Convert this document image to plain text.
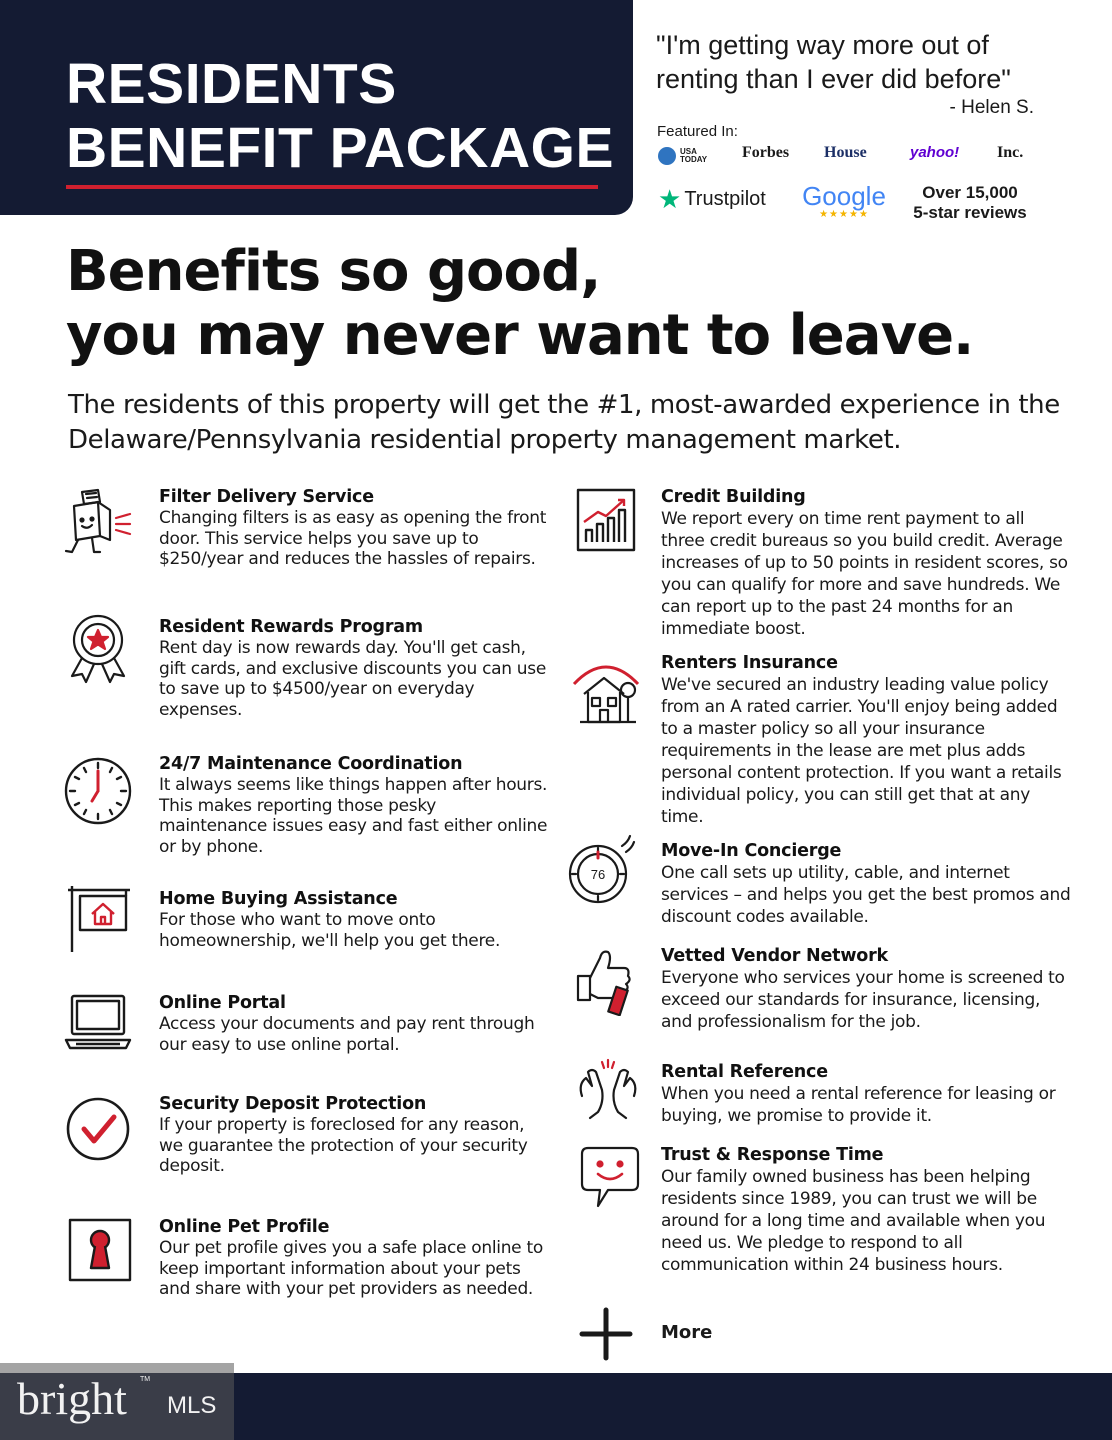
RESIDENTS
BENEFIT PACKAGE
"I'm getting way more out of renting than I ever did before"
- Helen S.
Featured In:
USA TODAY Forbes House	yahoo! Inc.
★ Trustpilot Google
★★★★★
Over 15,000
5-star reviews
Benefits so good,
you may never want to leave.
The residents of this property will get the #1, most-awarded experience in the Delaware/Pennsylvania residential property management market.
Filter Delivery Service
Changing filters is as easy as opening the front door. This service helps you save up to $250/year and reduces the hassles of repairs.
Resident Rewards Program
Rent day is now rewards day. You'll get cash, gift cards, and exclusive discounts you can use to save up to $4500/year on everyday expenses.
24/7 Maintenance Coordination
It always seems like things happen after hours. This makes reporting those pesky maintenance issues easy and fast either online or by phone.
Home Buying Assistance
For those who want to move onto homeownership, we'll help you get there.
Online Portal
Access your documents and pay rent through our easy to use online portal.
Security Deposit Protection
If your property is foreclosed for any reason, we guarantee the protection of your security deposit.
Online Pet Profile
Our pet profile gives you a safe place online to keep important information about your pets and share with your pet providers as needed.
76
Credit Building
We report every on time rent payment to all three credit bureaus so you build credit. Average increases of up to 50 points in resident scores, so you can qualify for more and save hundreds. We can report up to the past 24 months for an immediate boost.
Renters Insurance
We've secured an industry leading value policy from an A rated carrier. You'll enjoy being added to a master policy so all your insurance requirements in the lease are met plus adds personal content protection. If you want a retails individual policy, you can still get that at any time.
Move-In Concierge
One call sets up utility, cable, and internet services – and helps you get the best promos and discount codes available.
Vetted Vendor Network
Everyone who services your home is screened to exceed our standards for insurance, licensing, and professionalism for the job.
Rental Reference
When you need a rental reference for leasing or buying, we promise to provide it.
Trust & Response Time
Our family owned business has been helping residents since 1989, you can trust we will be around for a long time and available when you need us. We pledge to respond to all communication within 24 business hours.
More
bright TM
MLS
